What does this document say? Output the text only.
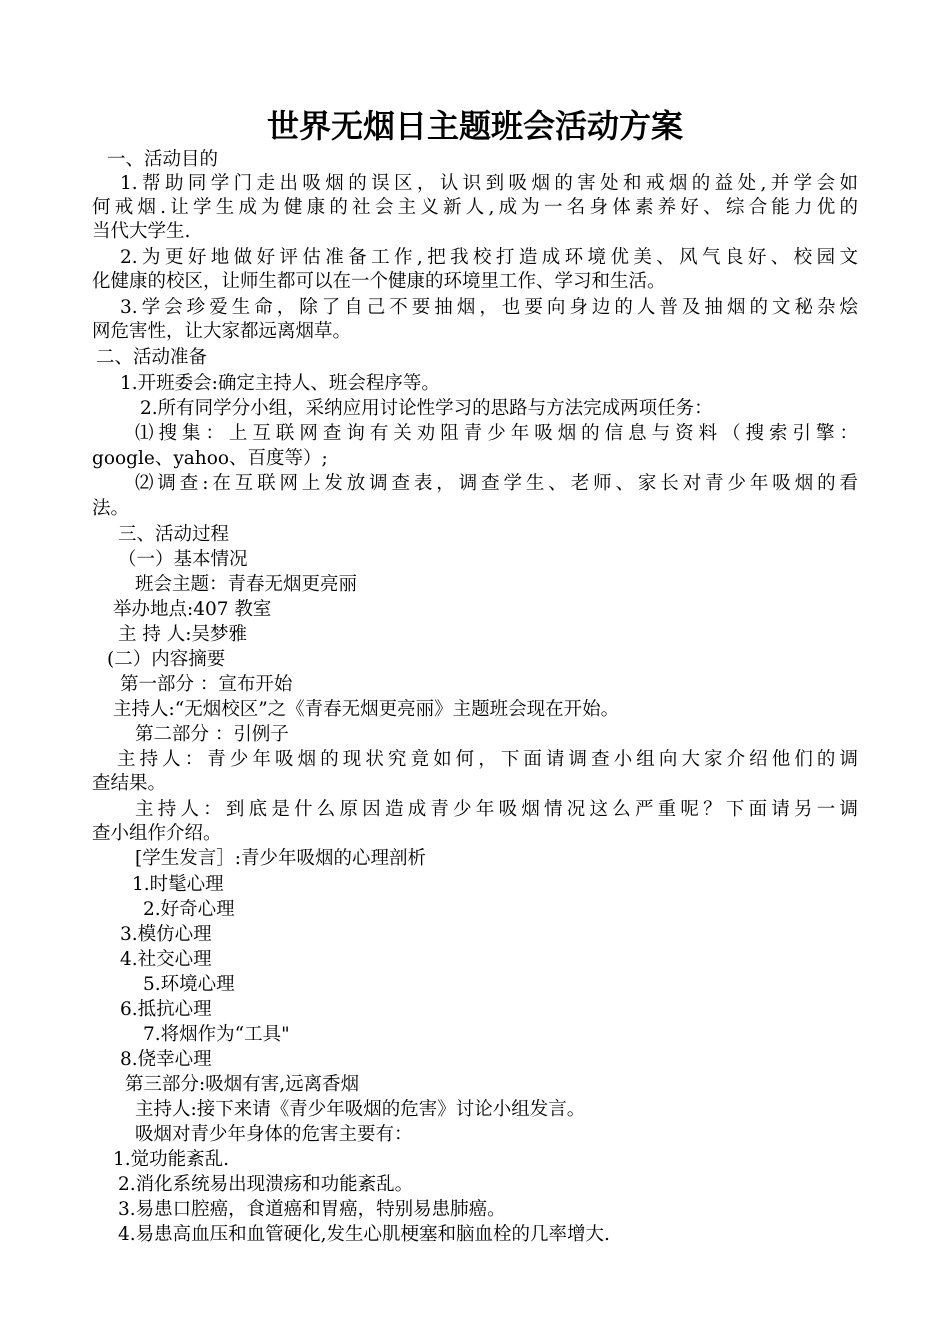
世界无烟日主题班会活动方案
一、活动目的
1.帮助同学门走出吸烟的误区，认识到吸烟的害处和戒烟的益处,并学会如
何戒烟.让学生成为健康的社会主义新人,成为一名身体素养好、综合能力优的
当代大学生.
2.为更好地做好评估准备工作,把我校打造成环境优美、风气良好、校园文
化健康的校区，让师生都可以在一个健康的环境里工作、学习和生活。
3.学会珍爱生命，除了自己不要抽烟，也要向身边的人普及抽烟的文秘杂烩
网危害性，让大家都远离烟草。
二、活动准备
1.开班委会:确定主持人、班会程序等。
2.所有同学分小组，采纳应用讨论性学习的思路与方法完成两项任务：
⑴搜集：上互联网查询有关劝阻青少年吸烟的信息与资料（搜索引擎：
google、yahoo、百度等）;
⑵调查:在互联网上发放调查表，调查学生、老师、家长对青少年吸烟的看
法。
三、活动过程
（一）基本情况
班会主题：青春无烟更亮丽
举办地点:407 教室
主 持 人:吴梦雅
(二）内容摘要
第一部分 ：宣布开始
主持人:“无烟校区”之《青春无烟更亮丽》主题班会现在开始。
第二部分 ：引例子
主持人：青少年吸烟的现状究竟如何，下面请调查小组向大家介绍他们的调
查结果。
主持人：到底是什么原因造成青少年吸烟情况这么严重呢？下面请另一调
查小组作介绍。
[学生发言］:青少年吸烟的心理剖析
1.时髦心理
2.好奇心理
3.模仿心理
4.社交心理
5.环境心理
6.抵抗心理
7.将烟作为“工具"
8.侥幸心理
第三部分:吸烟有害,远离香烟
主持人:接下来请《青少年吸烟的危害》讨论小组发言。
吸烟对青少年身体的危害主要有：
1.觉功能紊乱.
2.消化系统易出现溃疡和功能紊乱。
3.易患口腔癌，食道癌和胃癌，特别易患肺癌。
4.易患高血压和血管硬化,发生心肌梗塞和脑血栓的几率增大.
